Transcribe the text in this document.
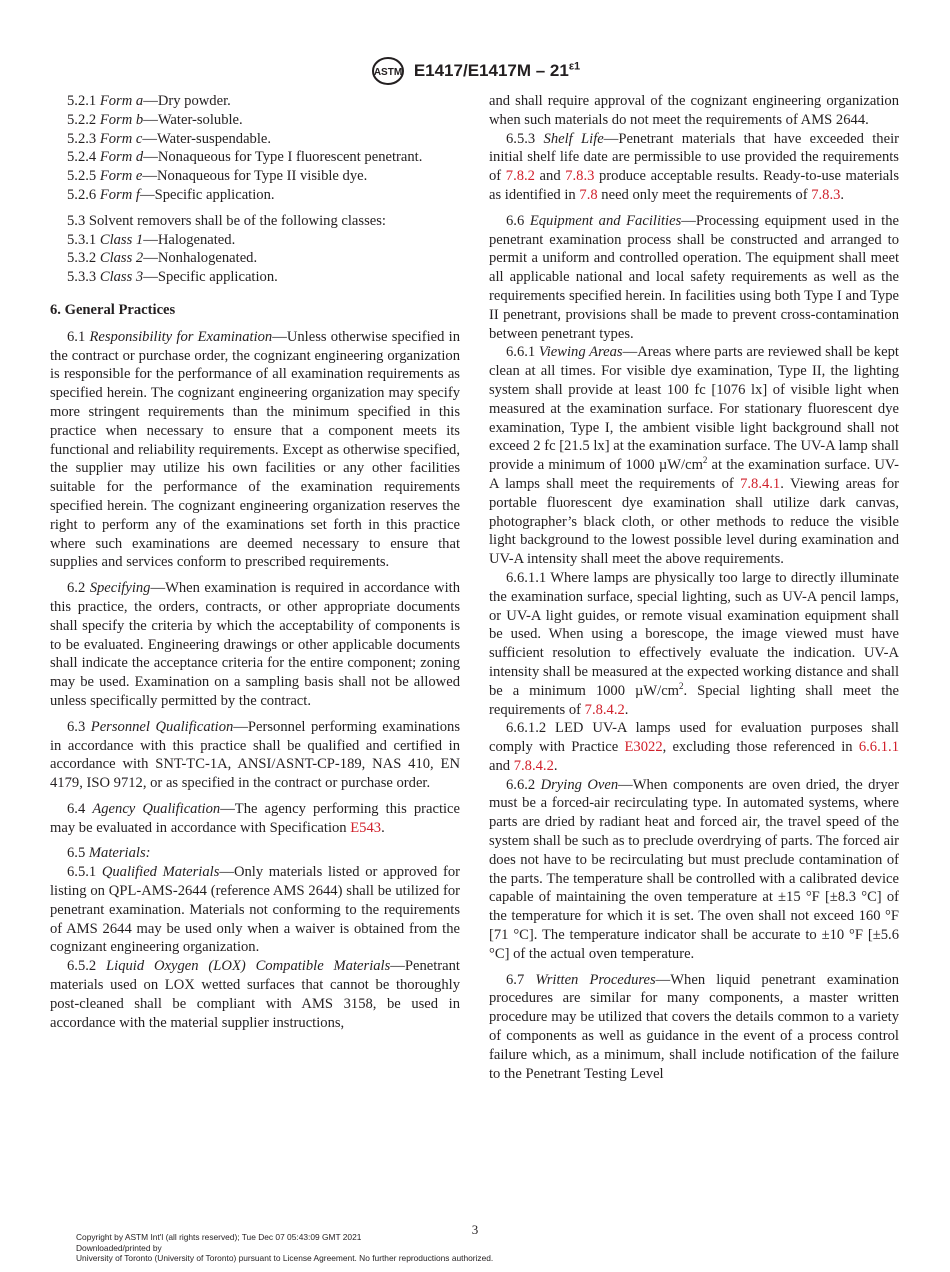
ASTM $E1417/E1417M - 21^{\varepsilon 1}$

5.2.1 Form a—Dry powder.

5.2.2 Form b—Water-soluble.

5.2.3 Form c—Water-suspendable.

5.2.4 Form d—Nonaqueous for Type I fluorescent penetrant.

5.2.5 Form e—Nonaqueous for Type II visible dye.

5.2.6 Form f—Specific application.

5.3 Solvent removers shall be of the following classes:

5.3.1 Class 1—Halogenated.

5.3.2 Class 2—Nonhalogenated.

5.3.3 Class 3—Specific application.

6. General Practices

6.1 Responsibility for Examination—Unless otherwise specified in the contract or purchase order, the cognizant engineering organization is responsible for the performance of all examination requirements as specified herein. The cognizant engineering organization may specify more stringent requirements than the minimum specified in this practice when necessary to ensure that a component meets its functional and reliability requirements. Except as otherwise specified, the supplier may utilize his own facilities or any other facilities suitable for the performance of the examination requirements specified herein. The cognizant engineering organization reserves the right to perform any of the examinations set forth in this practice where such examinations are deemed necessary to ensure that supplies and services conform to prescribed requirements.

6.2 Specifying—When examination is required in accordance with this practice, the orders, contracts, or other appropriate documents shall specify the criteria by which the acceptability of components is to be evaluated. Engineering drawings or other applicable documents shall indicate the acceptance criteria for the entire component; zoning may be used. Examination on a sampling basis shall not be allowed unless specifically permitted by the contract.

6.3 Personnel Qualification—Personnel performing examinations in accordance with this practice shall be qualified and certified in accordance with SNT-TC-1A, ANSI/ASNT-CP-189, NAS 410, EN 4179, ISO 9712, or as specified in the contract or purchase order.

6.4 Agency Qualification—The agency performing this practice may be evaluated in accordance with Specification E543.

6.5 Materials:

6.5.1 Qualified Materials—Only materials listed or approved for listing on QPL-AMS-2644 (reference AMS 2644) shall be utilized for penetrant examination. Materials not conforming to the requirements of AMS 2644 may be used only when a waiver is obtained from the cognizant engineering organization.

6.5.2 Liquid Oxygen (LOX) Compatible Materials—Penetrant materials used on LOX wetted surfaces that cannot be thoroughly post-cleaned shall be compliant with AMS 3158, be used in accordance with the material supplier instructions,

and shall require approval of the cognizant engineering organization when such materials do not meet the requirements of AMS 2644.

6.5.3 Shelf Life—Penetrant materials that have exceeded their initial shelf life date are permissible to use provided the requirements of 7.8.2 and 7.8.3 produce acceptable results. Ready-to-use materials as identified in 7.8 need only meet the requirements of 7.8.3.

6.6 Equipment and Facilities—Processing equipment used in the penetrant examination process shall be constructed and arranged to permit a uniform and controlled operation. The equipment shall meet all applicable national and local safety requirements as well as the requirements specified herein. In facilities using both Type I and Type II penetrant, provisions shall be made to prevent cross-contamination between penetrant types.

6.6.1 Viewing Areas—Areas where parts are reviewed shall be kept clean at all times. For visible dye examination, Type II, the lighting system shall provide at least 100 fc [1076 lx] of visible light when measured at the examination surface. For stationary fluorescent dye examination, Type I, the ambient visible light background shall not exceed 2 fc [21.5 lx] at the examination surface. The UV-A lamp shall provide a minimum of 1000 $\mu W/cm^2$ at the examination surface. UV-A lamps shall meet the requirements of 7.8.4.1. Viewing areas for portable fluorescent dye examination shall utilize dark canvas, photographer’s black cloth, or other methods to reduce the visible light background to the lowest possible level during examination and UV-A intensity shall meet the above requirements.

6.6.1.1 Where lamps are physically too large to directly illuminate the examination surface, special lighting, such as UV-A pencil lamps, or UV-A light guides, or remote visual examination equipment shall be used. When using a borescope, the image viewed must have sufficient resolution to effectively evaluate the indication. UV-A intensity shall be measured at the expected working distance and shall be a minimum 1000 $\mu W/cm^2$. Special lighting shall meet the requirements of 7.8.4.2.

6.6.1.2 LED UV-A lamps used for evaluation purposes shall comply with Practice E3022, excluding those referenced in 6.6.1.1 and 7.8.4.2.

6.6.2 Drying Oven—When components are oven dried, the dryer must be a forced-air recirculating type. In automated systems, where parts are dried by radiant heat and forced air, the travel speed of the system shall be such as to preclude overdrying of parts. The forced air does not have to be recirculating but must preclude contamination of the parts. The temperature shall be controlled with a calibrated device capable of maintaining the oven temperature at ±15 °F [±8.3 °C] of the temperature for which it is set. The oven shall not exceed 160 °F [71 °C]. The temperature indicator shall be accurate to ±10 °F [±5.6 °C] of the actual oven temperature.

6.7 Written Procedures—When liquid penetrant examination procedures are similar for many components, a master written procedure may be utilized that covers the details common to a variety of components as well as guidance in the event of a process control failure which, as a minimum, shall include notification of the failure to the Penetrant Testing Level

3
Copyright by ASTM Int'l (all rights reserved); Tue Dec 07 05:43:09 GMT 2021
Downloaded/printed by
University of Toronto (University of Toronto) pursuant to License Agreement. No further reproductions authorized.
